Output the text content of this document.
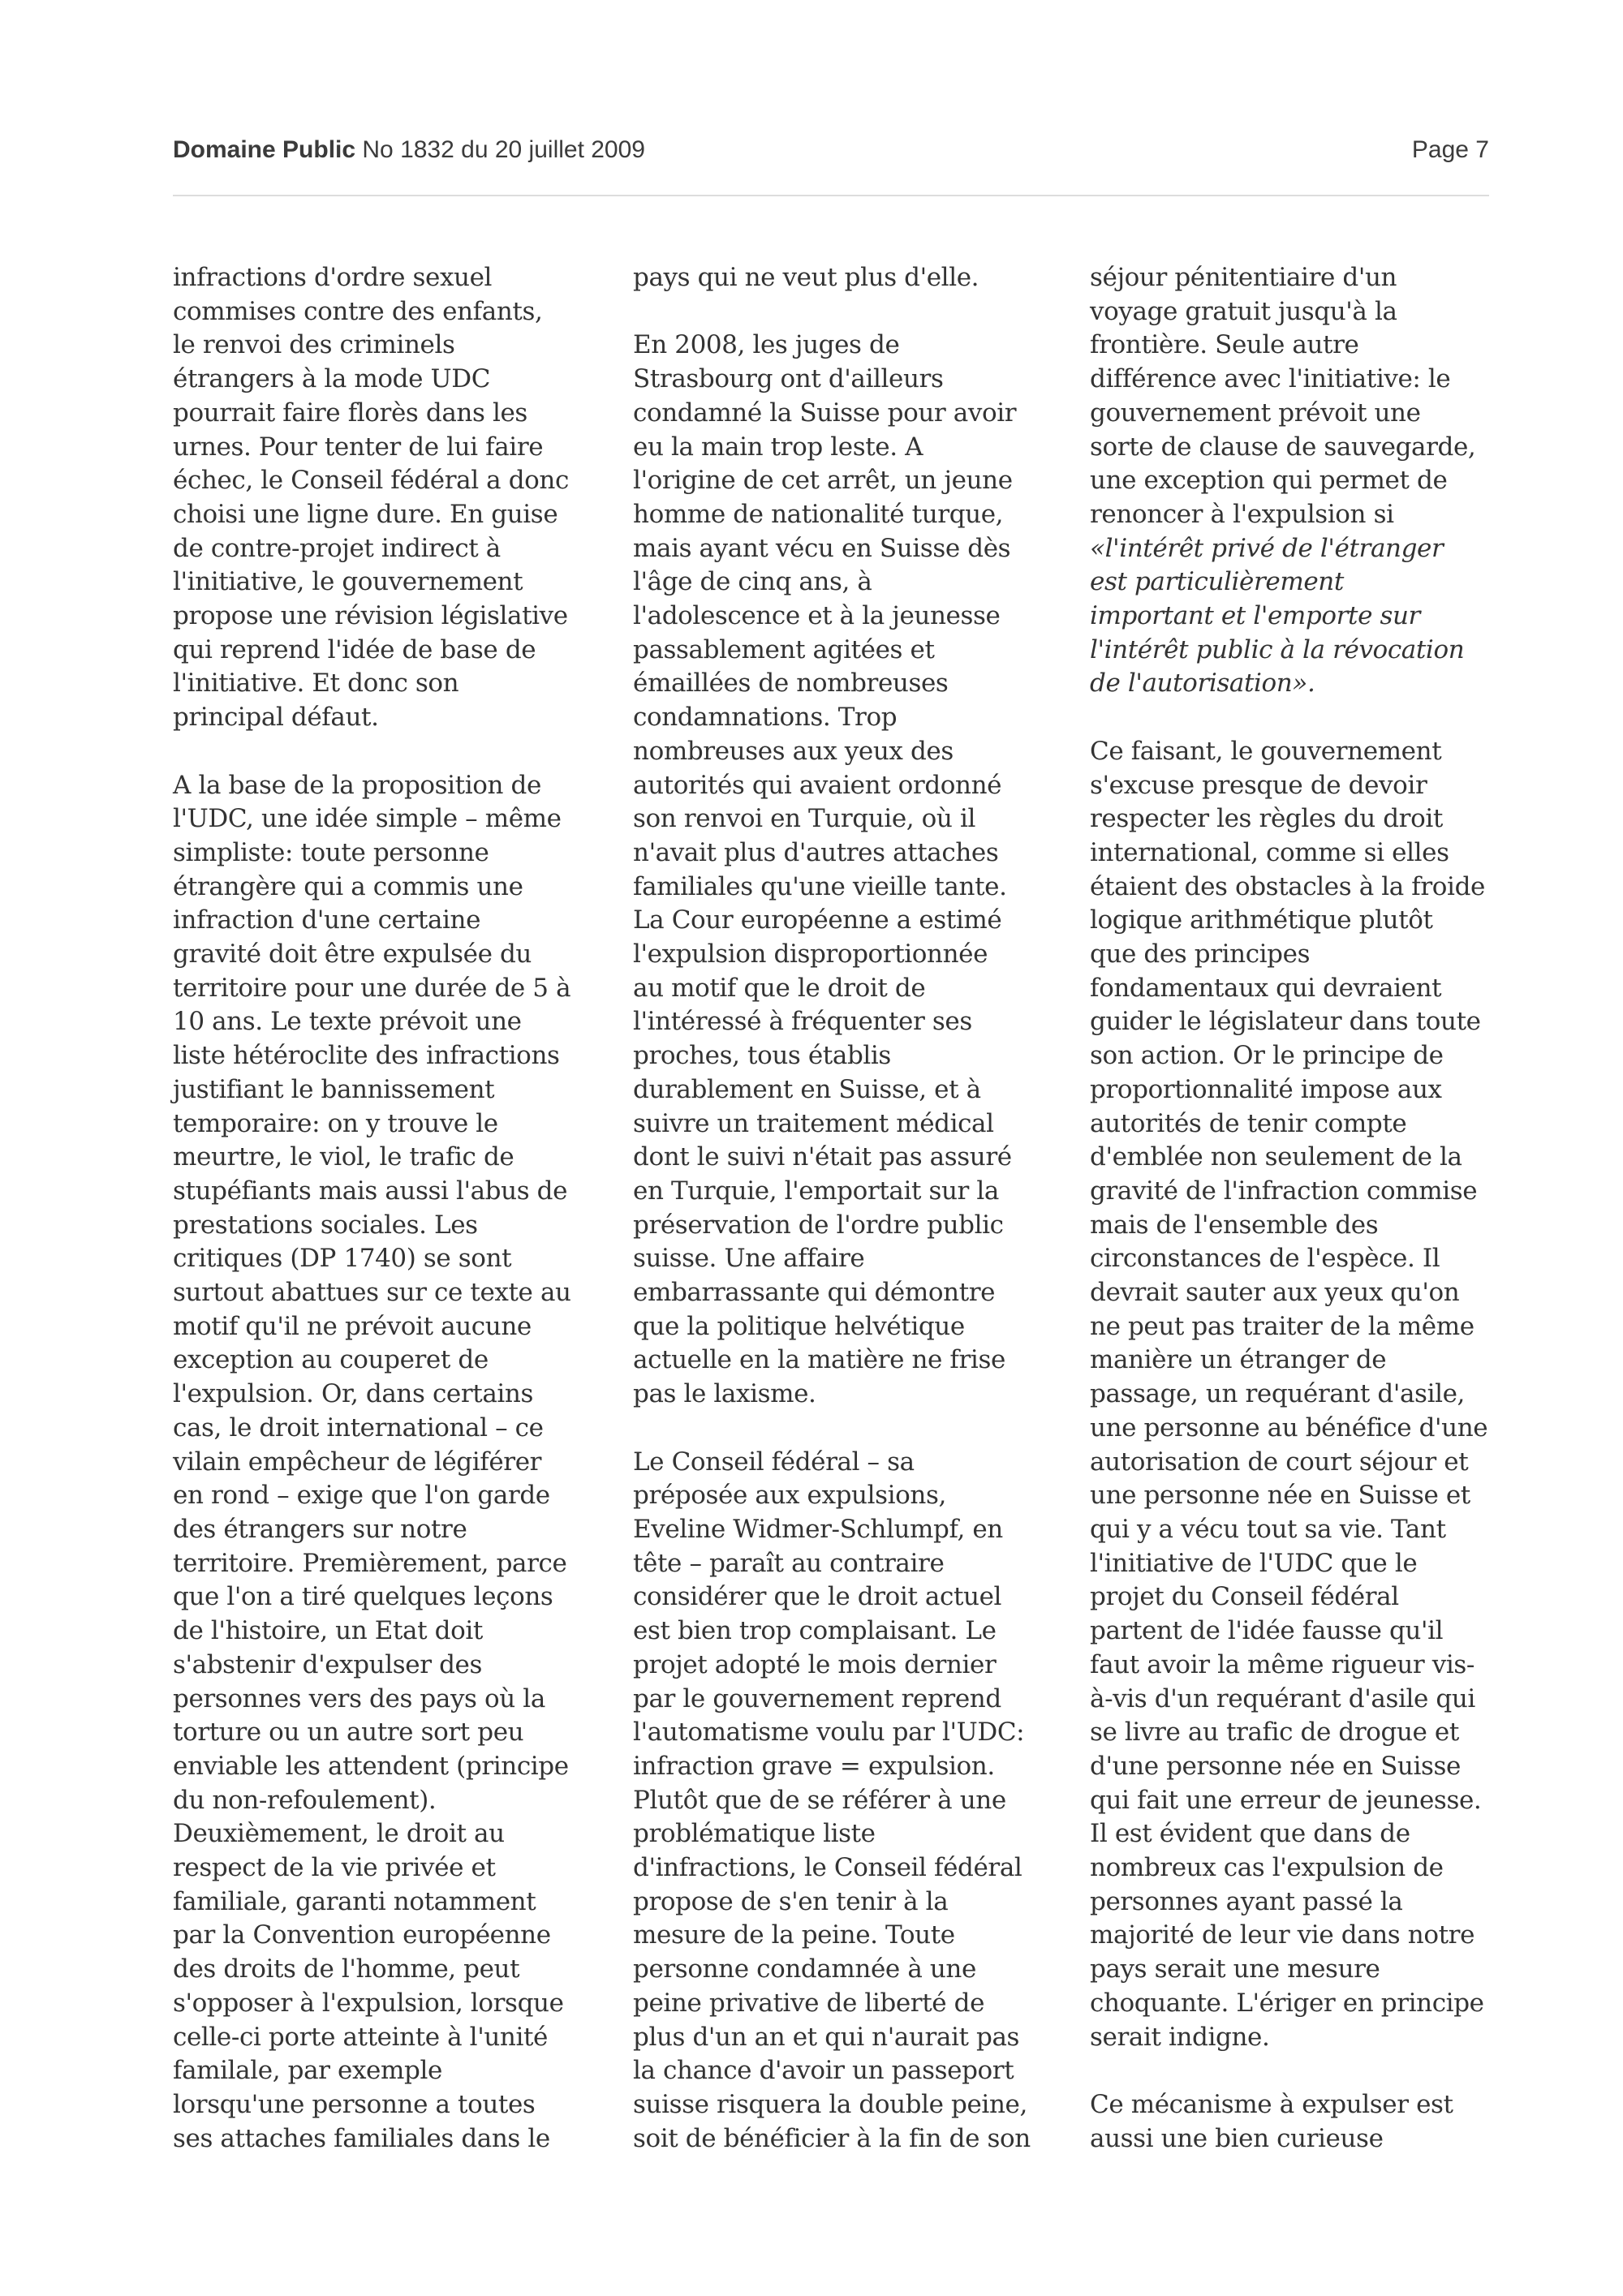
Domaine Public No 1832 du 20 juillet 2009	Page 7

infractions d'ordre sexuel
commises contre des enfants,
le renvoi des criminels
étrangers à la mode UDC
pourrait faire florès dans les
urnes. Pour tenter de lui faire
échec, le Conseil fédéral a donc
choisi une ligne dure. En guise
de contre-projet indirect à
l'initiative, le gouvernement
propose une révision législative
qui reprend l'idée de base de
l'initiative. Et donc son
principal défaut.

A la base de la proposition de
l'UDC, une idée simple – même
simpliste: toute personne
étrangère qui a commis une
infraction d'une certaine
gravité doit être expulsée du
territoire pour une durée de 5 à
10 ans. Le texte prévoit une
liste hétéroclite des infractions
justifiant le bannissement
temporaire: on y trouve le
meurtre, le viol, le trafic de
stupéfiants mais aussi l'abus de
prestations sociales. Les
critiques (DP 1740) se sont
surtout abattues sur ce texte au
motif qu'il ne prévoit aucune
exception au couperet de
l'expulsion. Or, dans certains
cas, le droit international – ce
vilain empêcheur de légiférer
en rond – exige que l'on garde
des étrangers sur notre
territoire. Premièrement, parce
que l'on a tiré quelques leçons
de l'histoire, un Etat doit
s'abstenir d'expulser des
personnes vers des pays où la
torture ou un autre sort peu
enviable les attendent (principe
du non-refoulement).
Deuxièmement, le droit au
respect de la vie privée et
familiale, garanti notamment
par la Convention européenne
des droits de l'homme, peut
s'opposer à l'expulsion, lorsque
celle-ci porte atteinte à l'unité
familale, par exemple
lorsqu'une personne a toutes
ses attaches familiales dans le

pays qui ne veut plus d'elle.

En 2008, les juges de
Strasbourg ont d'ailleurs
condamné la Suisse pour avoir
eu la main trop leste. A
l'origine de cet arrêt, un jeune
homme de nationalité turque,
mais ayant vécu en Suisse dès
l'âge de cinq ans, à
l'adolescence et à la jeunesse
passablement agitées et
émaillées de nombreuses
condamnations. Trop
nombreuses aux yeux des
autorités qui avaient ordonné
son renvoi en Turquie, où il
n'avait plus d'autres attaches
familiales qu'une vieille tante.
La Cour européenne a estimé
l'expulsion disproportionnée
au motif que le droit de
l'intéressé à fréquenter ses
proches, tous établis
durablement en Suisse, et à
suivre un traitement médical
dont le suivi n'était pas assuré
en Turquie, l'emportait sur la
préservation de l'ordre public
suisse. Une affaire
embarrassante qui démontre
que la politique helvétique
actuelle en la matière ne frise
pas le laxisme.

Le Conseil fédéral – sa
préposée aux expulsions,
Eveline Widmer-Schlumpf, en
tête – paraît au contraire
considérer que le droit actuel
est bien trop complaisant. Le
projet adopté le mois dernier
par le gouvernement reprend
l'automatisme voulu par l'UDC:
infraction grave = expulsion.
Plutôt que de se référer à une
problématique liste
d'infractions, le Conseil fédéral
propose de s'en tenir à la
mesure de la peine. Toute
personne condamnée à une
peine privative de liberté de
plus d'un an et qui n'aurait pas
la chance d'avoir un passeport
suisse risquera la double peine,
soit de bénéficier à la fin de son

séjour pénitentiaire d'un
voyage gratuit jusqu'à la
frontière. Seule autre
différence avec l'initiative: le
gouvernement prévoit une
sorte de clause de sauvegarde,
une exception qui permet de
renoncer à l'expulsion si
«l'intérêt privé de l'étranger
est particulièrement
important et l'emporte sur
l'intérêt public à la révocation
de l'autorisation».

Ce faisant, le gouvernement
s'excuse presque de devoir
respecter les règles du droit
international, comme si elles
étaient des obstacles à la froide
logique arithmétique plutôt
que des principes
fondamentaux qui devraient
guider le législateur dans toute
son action. Or le principe de
proportionnalité impose aux
autorités de tenir compte
d'emblée non seulement de la
gravité de l'infraction commise
mais de l'ensemble des
circonstances de l'espèce. Il
devrait sauter aux yeux qu'on
ne peut pas traiter de la même
manière un étranger de
passage, un requérant d'asile,
une personne au bénéfice d'une
autorisation de court séjour et
une personne née en Suisse et
qui y a vécu tout sa vie. Tant
l'initiative de l'UDC que le
projet du Conseil fédéral
partent de l'idée fausse qu'il
faut avoir la même rigueur vis-
à-vis d'un requérant d'asile qui
se livre au trafic de drogue et
d'une personne née en Suisse
qui fait une erreur de jeunesse.
Il est évident que dans de
nombreux cas l'expulsion de
personnes ayant passé la
majorité de leur vie dans notre
pays serait une mesure
choquante. L'ériger en principe
serait indigne.

Ce mécanisme à expulser est
aussi une bien curieuse
